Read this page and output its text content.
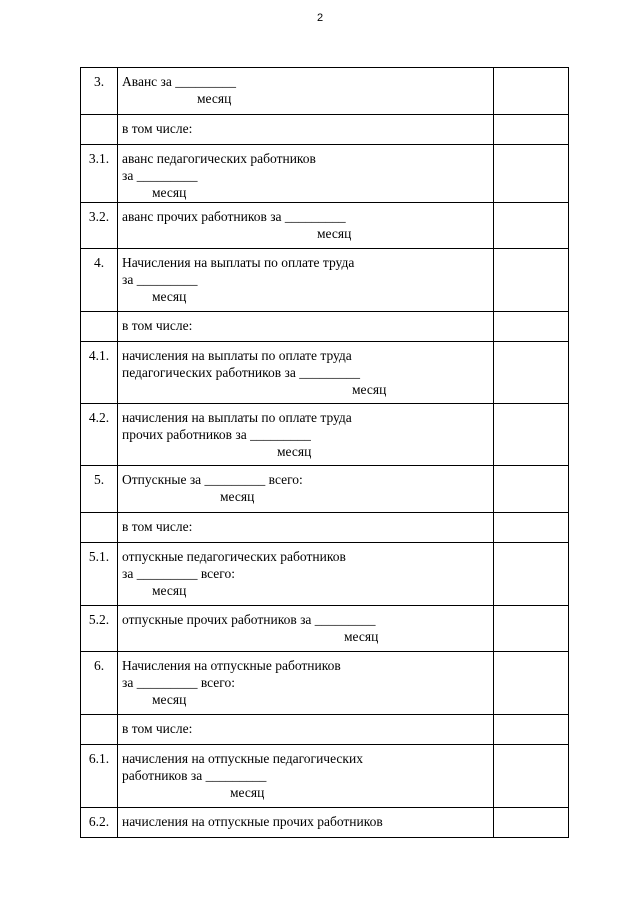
2
3.	Аванс за _________
месяц	

	в том числе:	

3.1.	аванс педагогических работников
за _________
месяц	

3.2.	аванс прочих работников за _________
месяц	

4.	Начисления на выплаты по оплате труда
за _________
месяц	

	в том числе:	

4.1.	начисления на выплаты по оплате труда
педагогических работников за _________
месяц	

4.2.	начисления на выплаты по оплате труда
прочих работников за _________
месяц	

5.	Отпускные за _________ всего:
месяц	

	в том числе:	

5.1.	отпускные педагогических работников
за _________ всего:
месяц	

5.2.	отпускные прочих работников за _________
месяц	

6.	Начисления на отпускные работников
за _________ всего:
месяц	

	в том числе:	

6.1.	начисления на отпускные педагогических
работников за _________
месяц	

6.2.	начисления на отпускные прочих работников	
